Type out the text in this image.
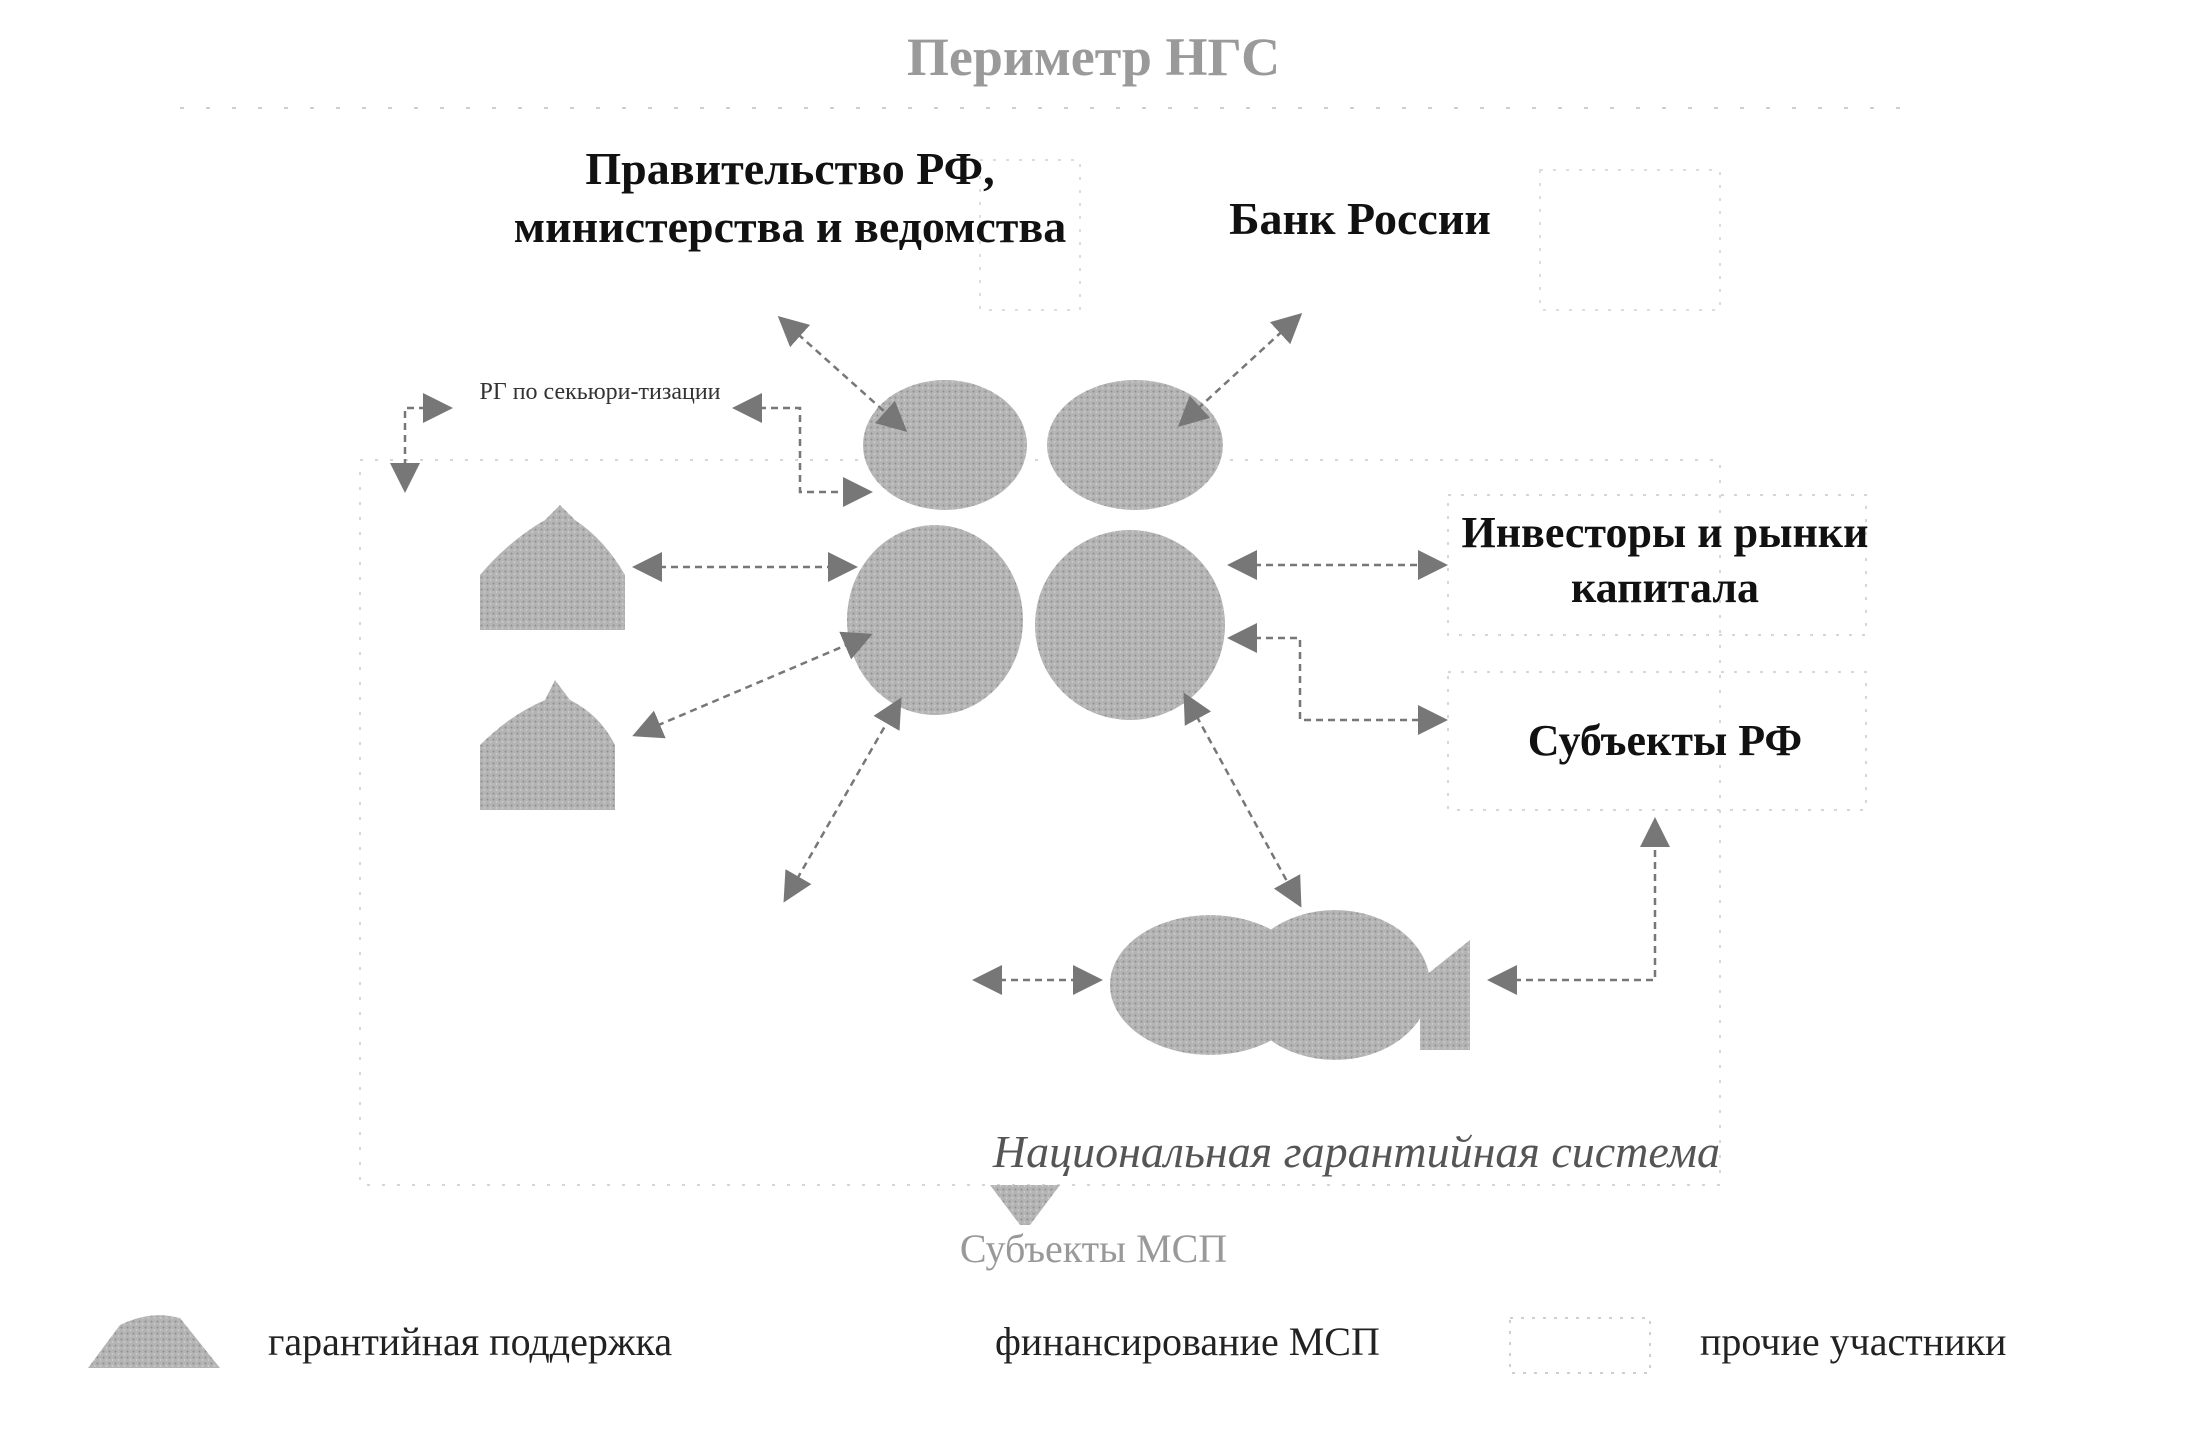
Периметр НГС
Правительство РФ, министерства и ведомства	Банк России
РГ по секьюри-тизации
Инвесторы и рынки капитала
Субъекты РФ
Национальная гарантийная система
Субъекты МСП
гарантийная поддержка	финансирование МСП	прочие участники
